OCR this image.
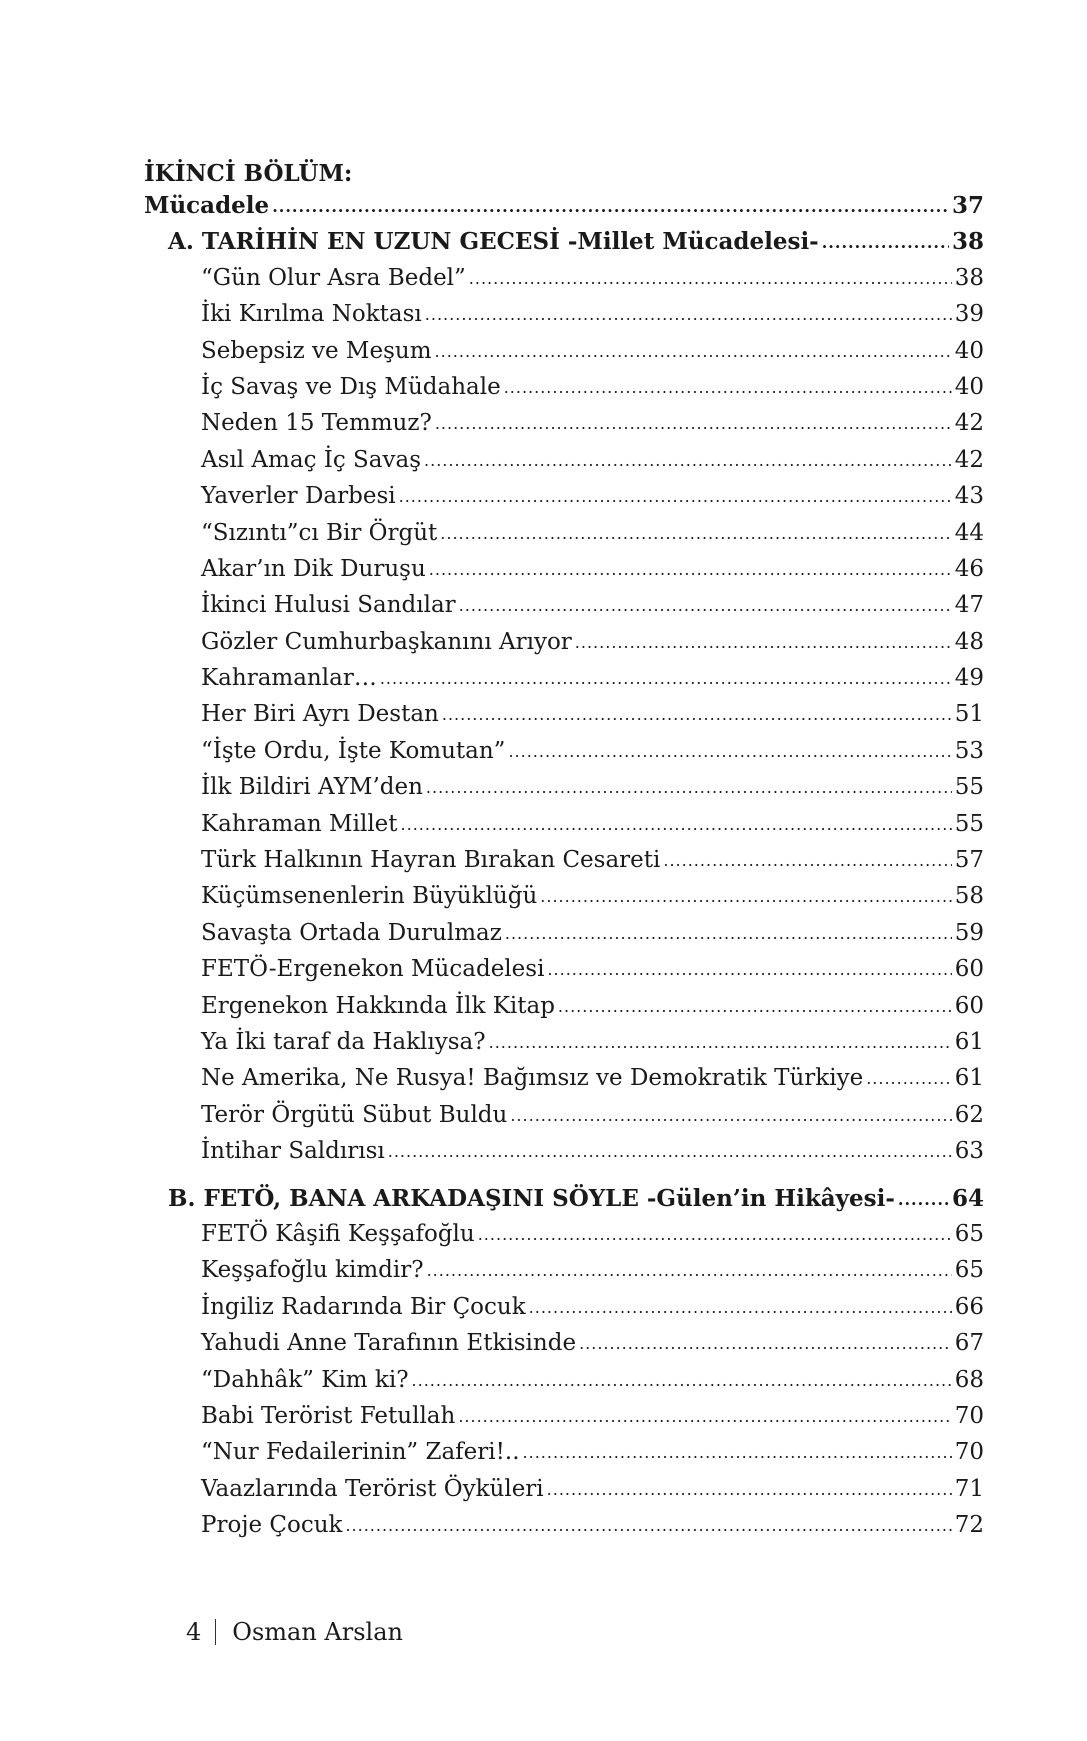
İKİNCİ BÖLÜM:
Mücadele .....	37
A. TARİHİN EN UZUN GECESİ -Millet Mücadelesi- .....	38
“Gün Olur Asra Bedel” .....	38
İki Kırılma Noktası .....	39
Sebepsiz ve Meşum .....	40
İç Savaş ve Dış Müdahale .....	40
Neden 15 Temmuz? .....	42
Asıl Amaç İç Savaş .....	42
Yaverler Darbesi .....	43
“Sızıntı”cı Bir Örgüt .....	44
Akar’ın Dik Duruşu .....	46
İkinci Hulusi Sandılar .....	47
Gözler Cumhurbaşkanını Arıyor .....	48
Kahramanlar… .....	49
Her Biri Ayrı Destan .....	51
“İşte Ordu, İşte Komutan” .....	53
İlk Bildiri AYM’den .....	55
Kahraman Millet .....	55
Türk Halkının Hayran Bırakan Cesareti .....	57
Küçümsenenlerin Büyüklüğü .....	58
Savaşta Ortada Durulmaz .....	59
FETÖ-Ergenekon Mücadelesi .....	60
Ergenekon Hakkında İlk Kitap .....	60
Ya İki taraf da Haklıysa? .....	61
Ne Amerika, Ne Rusya! Bağımsız ve Demokratik Türkiye .....	61
Terör Örgütü Sübut Buldu .....	62
İntihar Saldırısı .....	63
B. FETÖ, BANA ARKADAŞINI SÖYLE -Gülen’in Hikâyesi- ..... 64
FETÖ Kâşifi Keşşafoğlu .....	65
Keşşafoğlu kimdir? .....	65
İngiliz Radarında Bir Çocuk .....	66
Yahudi Anne Tarafının Etkisinde .....	67
“Dahhâk” Kim ki? .....	68
Babi Terörist Fetullah .....	70
“Nur Fedailerinin” Zaferi!.. .....	70
Vaazlarında Terörist Öyküleri .....	71
Proje Çocuk .....	72
4 Osman Arslan
